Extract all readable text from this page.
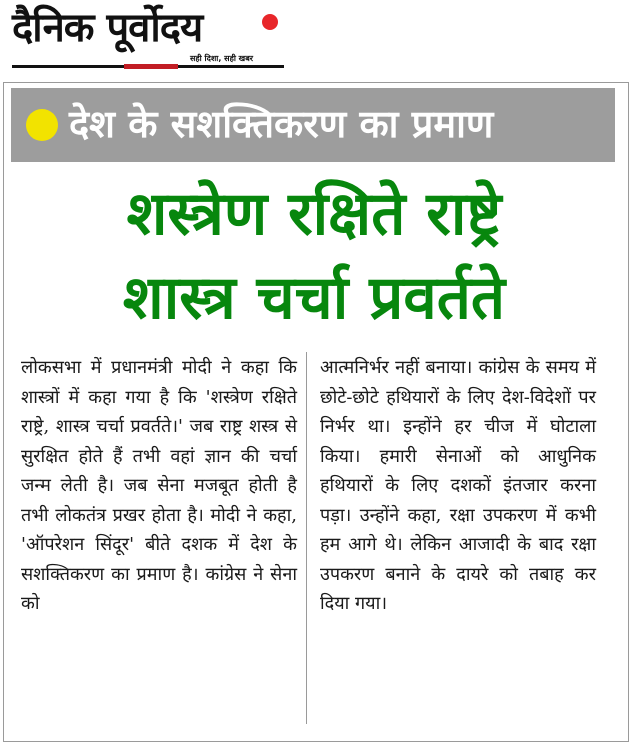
दैनिक पूर्वोदय
सही दिशा, सही खबर
देश के सशक्तिकरण का प्रमाण
शस्त्रेण रक्षिते राष्ट्रे
शास्त्र चर्चा प्रवर्तते

लोकसभा में प्रधानमंत्री मोदी ने कहा कि शास्त्रों में कहा गया है कि 'शस्त्रेण रक्षिते राष्ट्रे, शास्त्र चर्चा प्रवर्तते।' जब राष्ट्र शस्त्र से सुरक्षित होते हैं तभी वहां ज्ञान की चर्चा जन्म लेती है। जब सेना मजबूत होती है तभी लोकतंत्र प्रखर होता है। मोदी ने कहा, 'ऑपरेशन सिंदूर' बीते दशक में देश के सशक्तिकरण का प्रमाण है। कांग्रेस ने सेना को

आत्मनिर्भर नहीं बनाया। कांग्रेस के समय में छोटे-छोटे हथियारों के लिए देश-विदेशों पर निर्भर था। इन्होंने हर चीज में घोटाला किया। हमारी सेनाओं को आधुनिक हथियारों के लिए दशकों इंतजार करना पड़ा। उन्होंने कहा, रक्षा उपकरण में कभी हम आगे थे। लेकिन आजादी के बाद रक्षा उपकरण बनाने के दायरे को तबाह कर दिया गया।
